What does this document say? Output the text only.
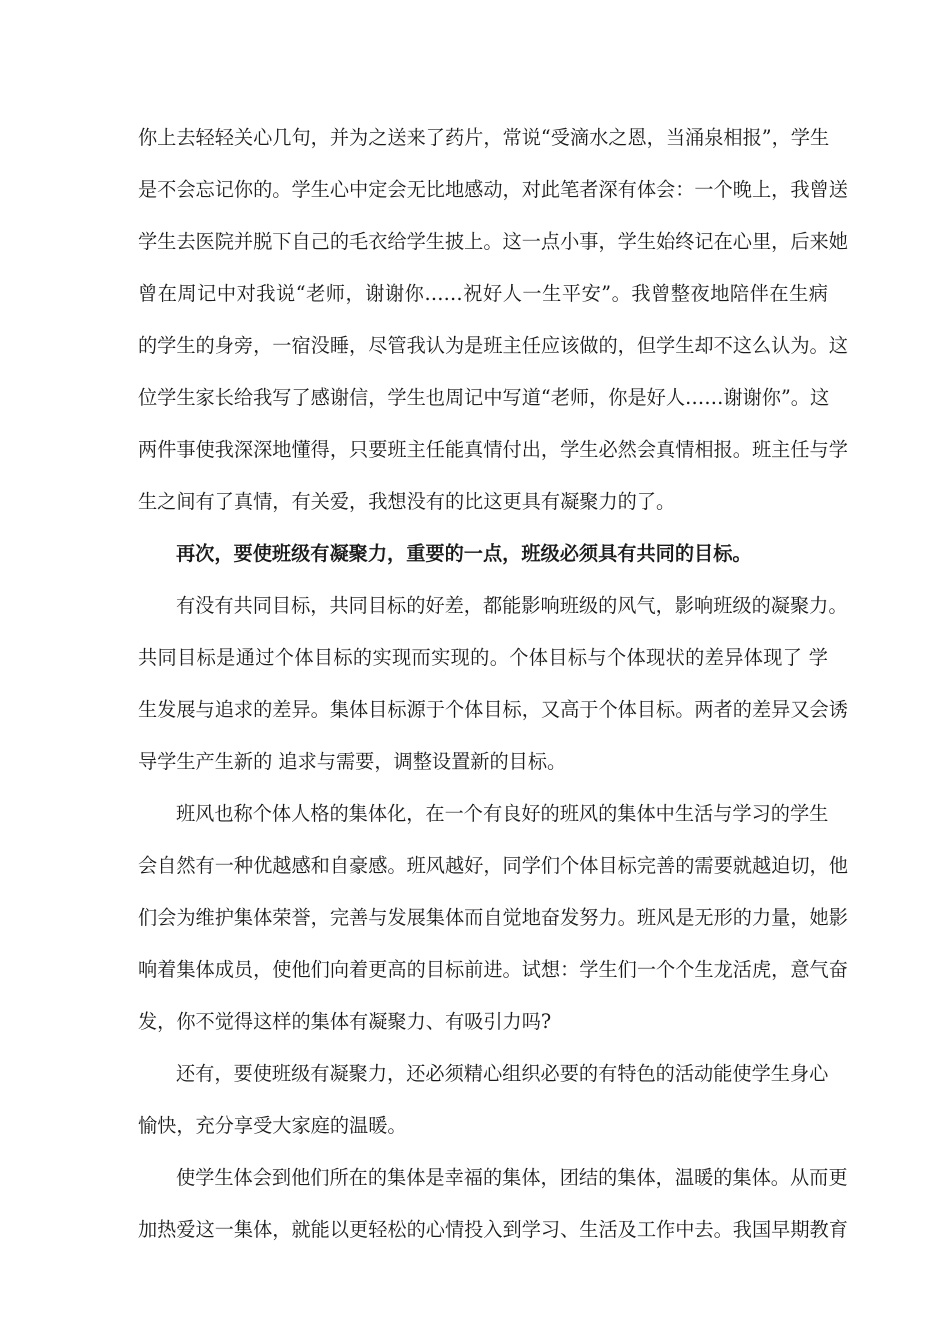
你上去轻轻关心几句，并为之送来了药片，常说“受滴水之恩，当涌泉相报”，学生
是不会忘记你的。学生心中定会无比地感动，对此笔者深有体会：一个晚上，我曾送
学生去医院并脱下自己的毛衣给学生披上。这一点小事，学生始终记在心里，后来她
曾在周记中对我说“老师，谢谢你……祝好人一生平安”。我曾整夜地陪伴在生病
的学生的身旁，一宿没睡，尽管我认为是班主任应该做的，但学生却不这么认为。这
位学生家长给我写了感谢信，学生也周记中写道“老师，你是好人……谢谢你”。这
两件事使我深深地懂得，只要班主任能真情付出，学生必然会真情相报。班主任与学
生之间有了真情，有关爱，我想没有的比这更具有凝聚力的了。
再次，要使班级有凝聚力，重要的一点，班级必须具有共同的目标。
有没有共同目标，共同目标的好差，都能影响班级的风气，影响班级的凝聚力。
共同目标是通过个体目标的实现而实现的。个体目标与个体现状的差异体现了 学
生发展与追求的差异。集体目标源于个体目标，又高于个体目标。两者的差异又会诱
导学生产生新的 追求与需要，调整设置新的目标。
班风也称个体人格的集体化，在一个有良好的班风的集体中生活与学习的学生
会自然有一种优越感和自豪感。班风越好，同学们个体目标完善的需要就越迫切，他
们会为维护集体荣誉，完善与发展集体而自觉地奋发努力。班风是无形的力量，她影
响着集体成员，使他们向着更高的目标前进。试想：学生们一个个生龙活虎，意气奋
发，你不觉得这样的集体有凝聚力、有吸引力吗?
还有，要使班级有凝聚力，还必须精心组织必要的有特色的活动能使学生身心
愉快，充分享受大家庭的温暖。
使学生体会到他们所在的集体是幸福的集体，团结的集体，温暖的集体。从而更
加热爱这一集体，就能以更轻松的心情投入到学习、生活及工作中去。我国早期教育
